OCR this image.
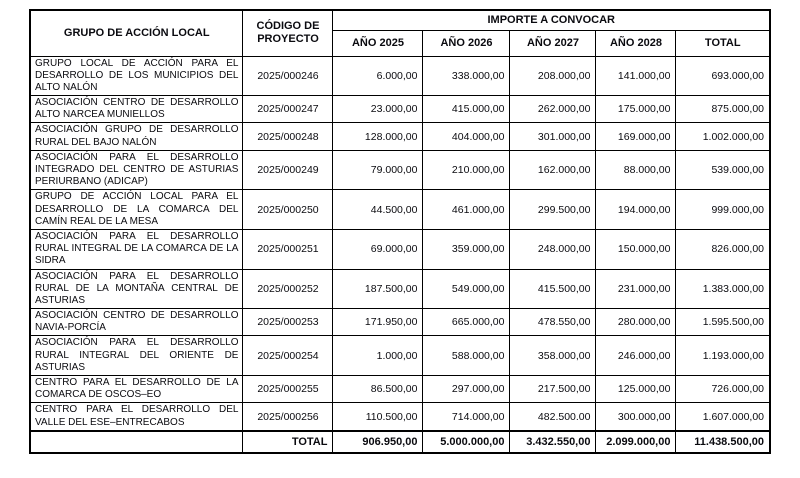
GRUPO DE ACCIÓN LOCAL	CÓDIGO DE PROYECTO	IMPORTE A CONVOCAR				
		AÑO 2025	AÑO 2026	AÑO 2027	AÑO 2028	TOTAL
GRUPO LOCAL DE ACCIÓN PARA EL DESARROLLO DE LOS MUNICIPIOS DEL ALTO NALÓN	2025/000246	6.000,00	338.000,00	208.000,00	141.000,00	693.000,00
ASOCIACIÓN CENTRO DE DESARROLLO ALTO NARCEA MUNIELLOS	2025/000247	23.000,00	415.000,00	262.000,00	175.000,00	875.000,00
ASOCIACIÓN GRUPO DE DESARROLLO RURAL DEL BAJO NALÓN	2025/000248	128.000,00	404.000,00	301.000,00	169.000,00	1.002.000,00
ASOCIACIÓN PARA EL DESARROLLO INTEGRADO DEL CENTRO DE ASTURIAS PERIURBANO (ADICAP)	2025/000249	79.000,00	210.000,00	162.000,00	88.000,00	539.000,00
GRUPO DE ACCIÓN LOCAL PARA EL DESARROLLO DE LA COMARCA DEL CAMÍN REAL DE LA MESA	2025/000250	44.500,00	461.000,00	299.500,00	194.000,00	999.000,00
ASOCIACIÓN PARA EL DESARROLLO RURAL INTEGRAL DE LA COMARCA DE LA SIDRA	2025/000251	69.000,00	359.000,00	248.000,00	150.000,00	826.000,00
ASOCIACIÓN PARA EL DESARROLLO RURAL DE LA MONTAÑA CENTRAL DE ASTURIAS	2025/000252	187.500,00	549.000,00	415.500,00	231.000,00	1.383.000,00
ASOCIACIÓN CENTRO DE DESARROLLO NAVIA-PORCÍA	2025/000253	171.950,00	665.000,00	478.550,00	280.000,00	1.595.500,00
ASOCIACIÓN PARA EL DESARROLLO RURAL INTEGRAL DEL ORIENTE DE ASTURIAS	2025/000254	1.000,00	588.000,00	358.000,00	246.000,00	1.193.000,00
CENTRO PARA EL DESARROLLO DE LA COMARCA DE OSCOS–EO	2025/000255	86.500,00	297.000,00	217.500,00	125.000,00	726.000,00
CENTRO PARA EL DESARROLLO DEL VALLE DEL ESE–ENTRECABOS	2025/000256	110.500,00	714.000,00	482.500.00	300.000,00	1.607.000,00
	TOTAL	906.950,00	5.000.000,00	3.432.550,00	2.099.000,00	11.438.500,00
